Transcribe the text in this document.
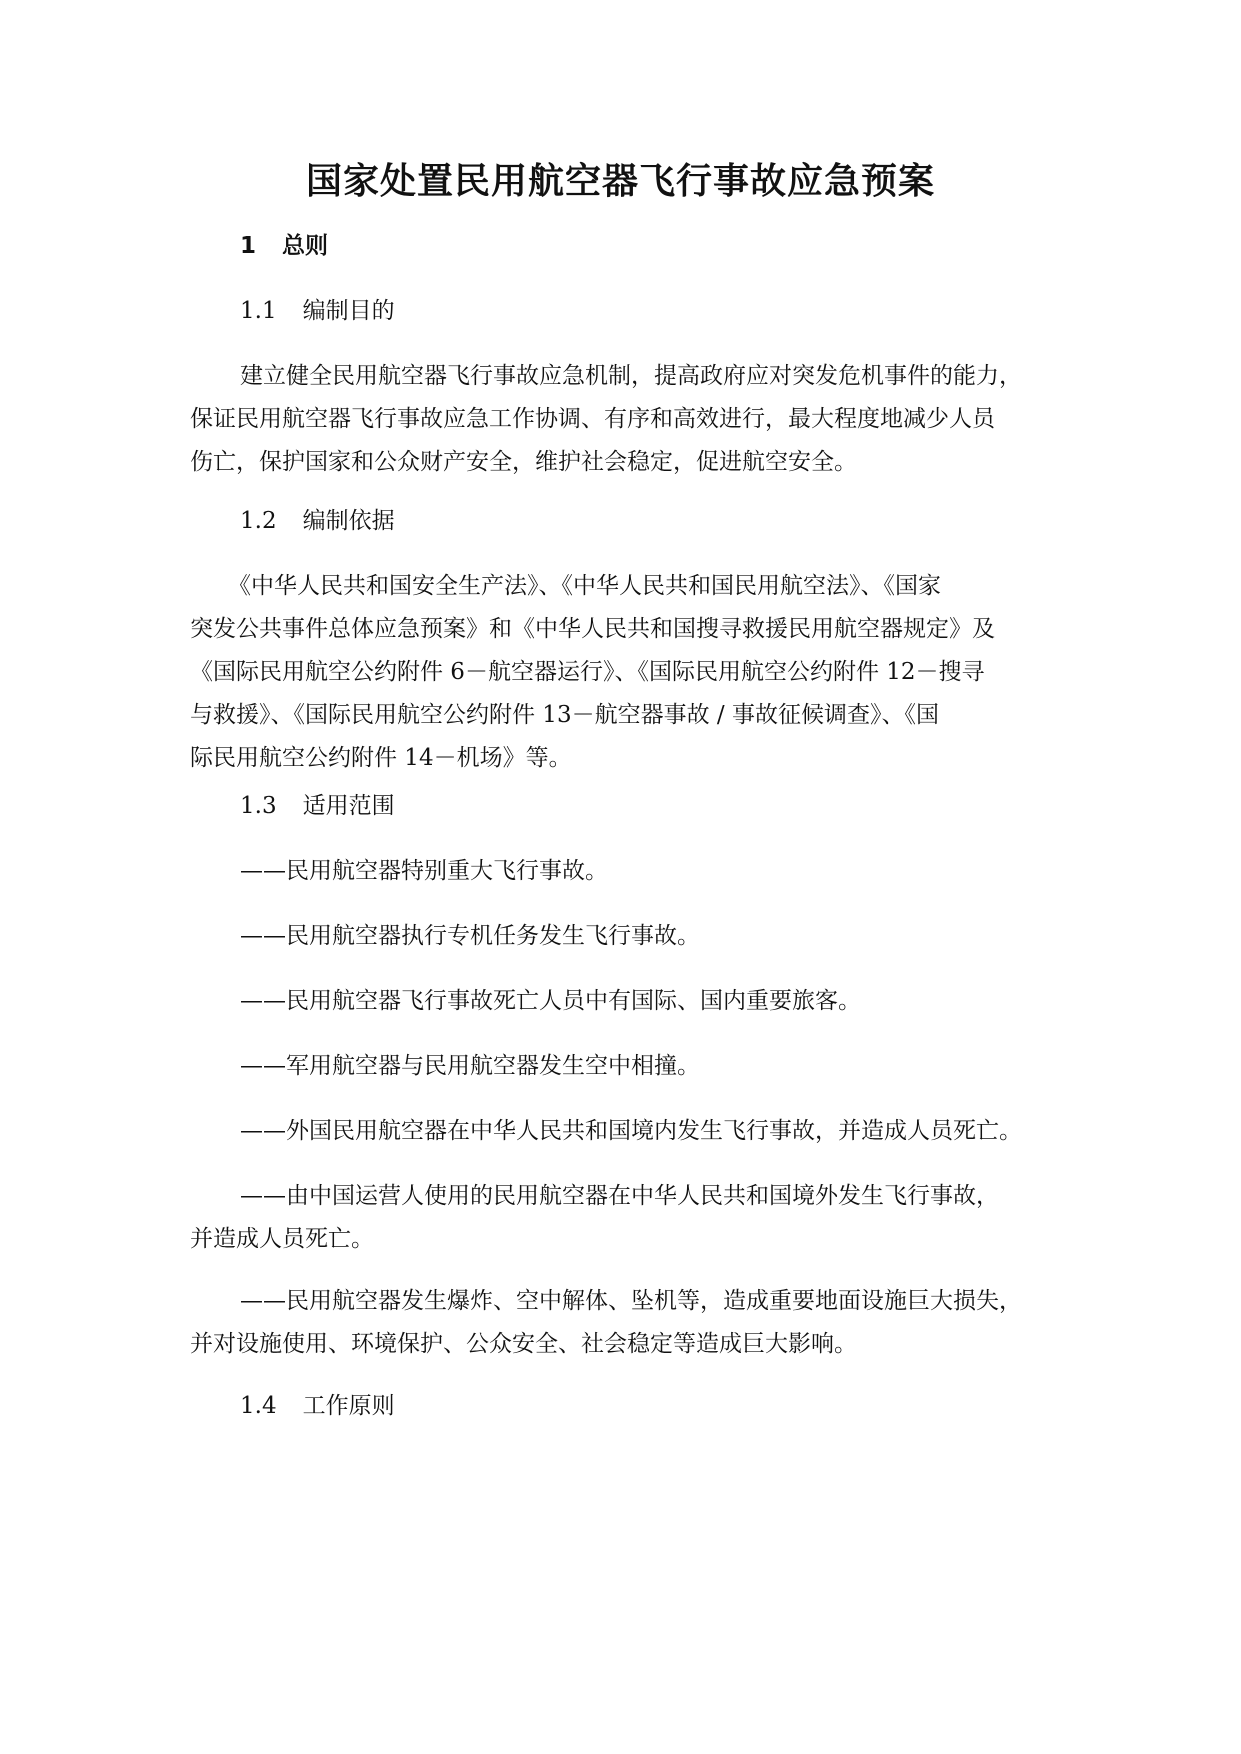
国家处置民用航空器飞行事故应急预案
1 总则
1.1 编制目的
建立健全民用航空器飞行事故应急机制，提高政府应对突发危机事件的能力，
保证民用航空器飞行事故应急工作协调、有序和高效进行，最大程度地减少人员
伤亡，保护国家和公众财产安全，维护社会稳定，促进航空安全。
1.2 编制依据
《中华人民共和国安全生产法》、《中华人民共和国民用航空法》、《国家
突发公共事件总体应急预案》和《中华人民共和国搜寻救援民用航空器规定》及
《国际民用航空公约附件 6－航空器运行》、《国际民用航空公约附件 12－搜寻
与救援》、《国际民用航空公约附件 13－航空器事故 / 事故征候调查》、《国
际民用航空公约附件 14－机场》等。
1.3 适用范围
——民用航空器特别重大飞行事故。
——民用航空器执行专机任务发生飞行事故。
——民用航空器飞行事故死亡人员中有国际、国内重要旅客。
——军用航空器与民用航空器发生空中相撞。
——外国民用航空器在中华人民共和国境内发生飞行事故，并造成人员死亡。
——由中国运营人使用的民用航空器在中华人民共和国境外发生飞行事故，
并造成人员死亡。
——民用航空器发生爆炸、空中解体、坠机等，造成重要地面设施巨大损失，
并对设施使用、环境保护、公众安全、社会稳定等造成巨大影响。
1.4 工作原则
